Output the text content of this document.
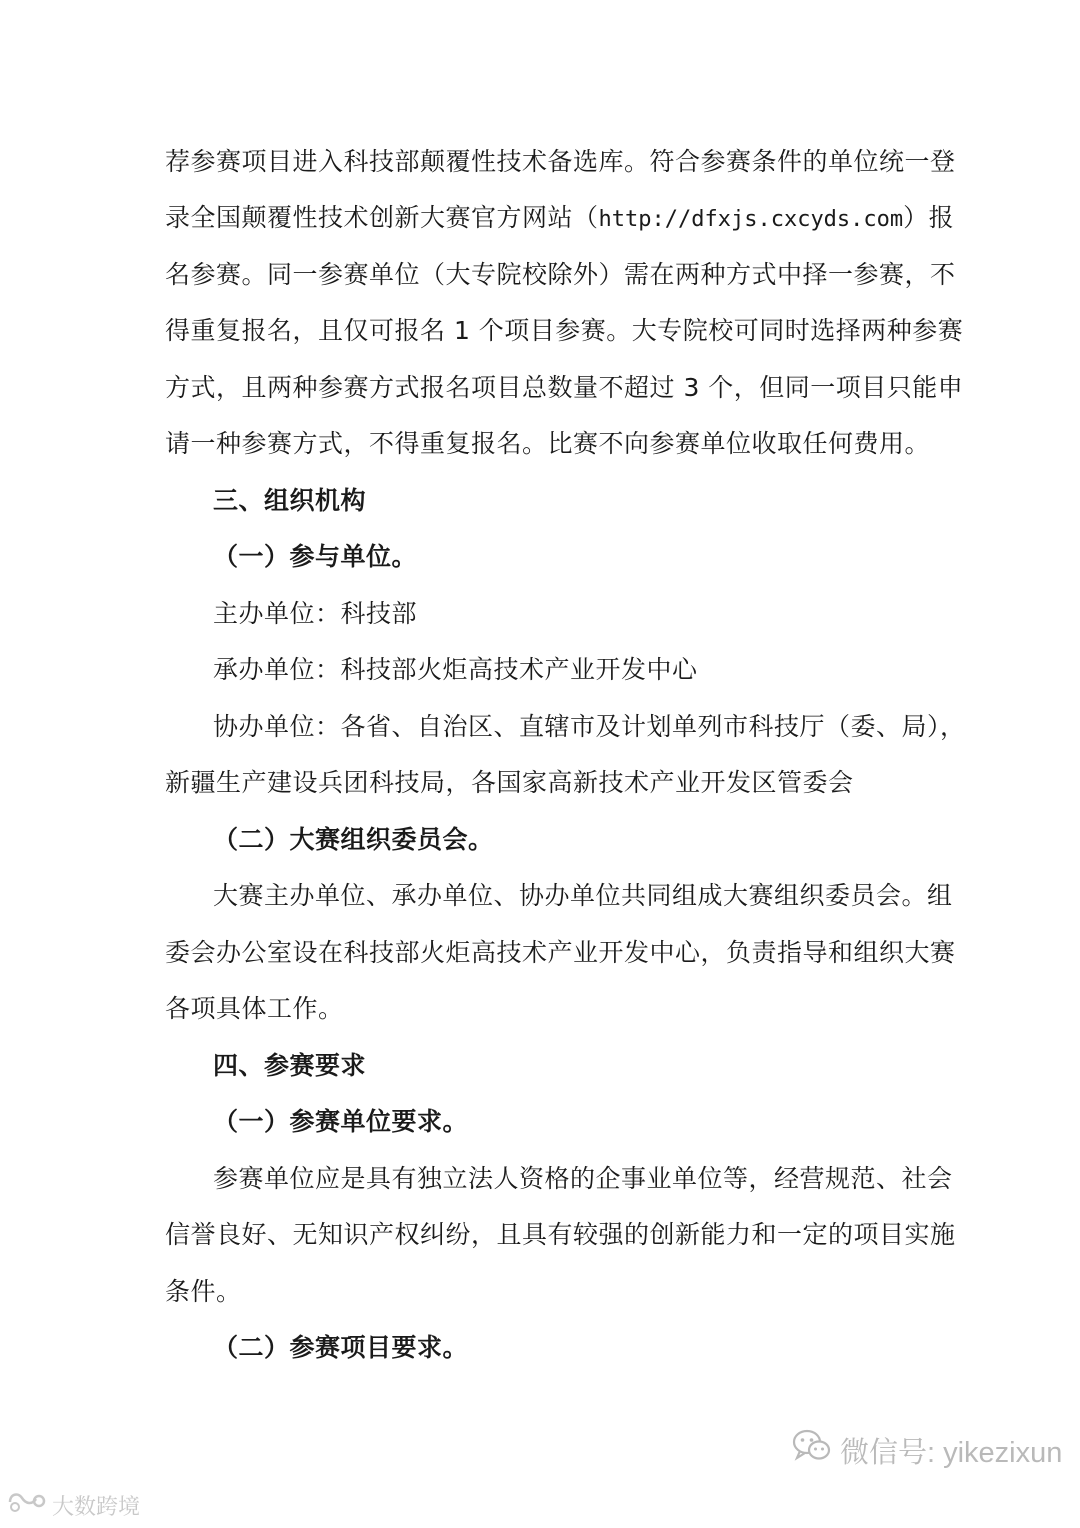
荐参赛项目进入科技部颠覆性技术备选库。符合参赛条件的单位统一登
录全国颠覆性技术创新大赛官方网站（http://dfxjs.cxcyds.com）报
名参赛。同一参赛单位（大专院校除外）需在两种方式中择一参赛，不
得重复报名，且仅可报名 1 个项目参赛。大专院校可同时选择两种参赛
方式，且两种参赛方式报名项目总数量不超过 3 个，但同一项目只能申
请一种参赛方式，不得重复报名。比赛不向参赛单位收取任何费用。
三、组织机构
（一）参与单位。
主办单位：科技部
承办单位：科技部火炬高技术产业开发中心
协办单位：各省、自治区、直辖市及计划单列市科技厅（委、局），
新疆生产建设兵团科技局，各国家高新技术产业开发区管委会
（二）大赛组织委员会。
大赛主办单位、承办单位、协办单位共同组成大赛组织委员会。组
委会办公室设在科技部火炬高技术产业开发中心，负责指导和组织大赛
各项具体工作。
四、参赛要求
（一）参赛单位要求。
参赛单位应是具有独立法人资格的企事业单位等，经营规范、社会
信誉良好、无知识产权纠纷，且具有较强的创新能力和一定的项目实施
条件。
（二）参赛项目要求。
微信号: yikezixun
大数跨境
